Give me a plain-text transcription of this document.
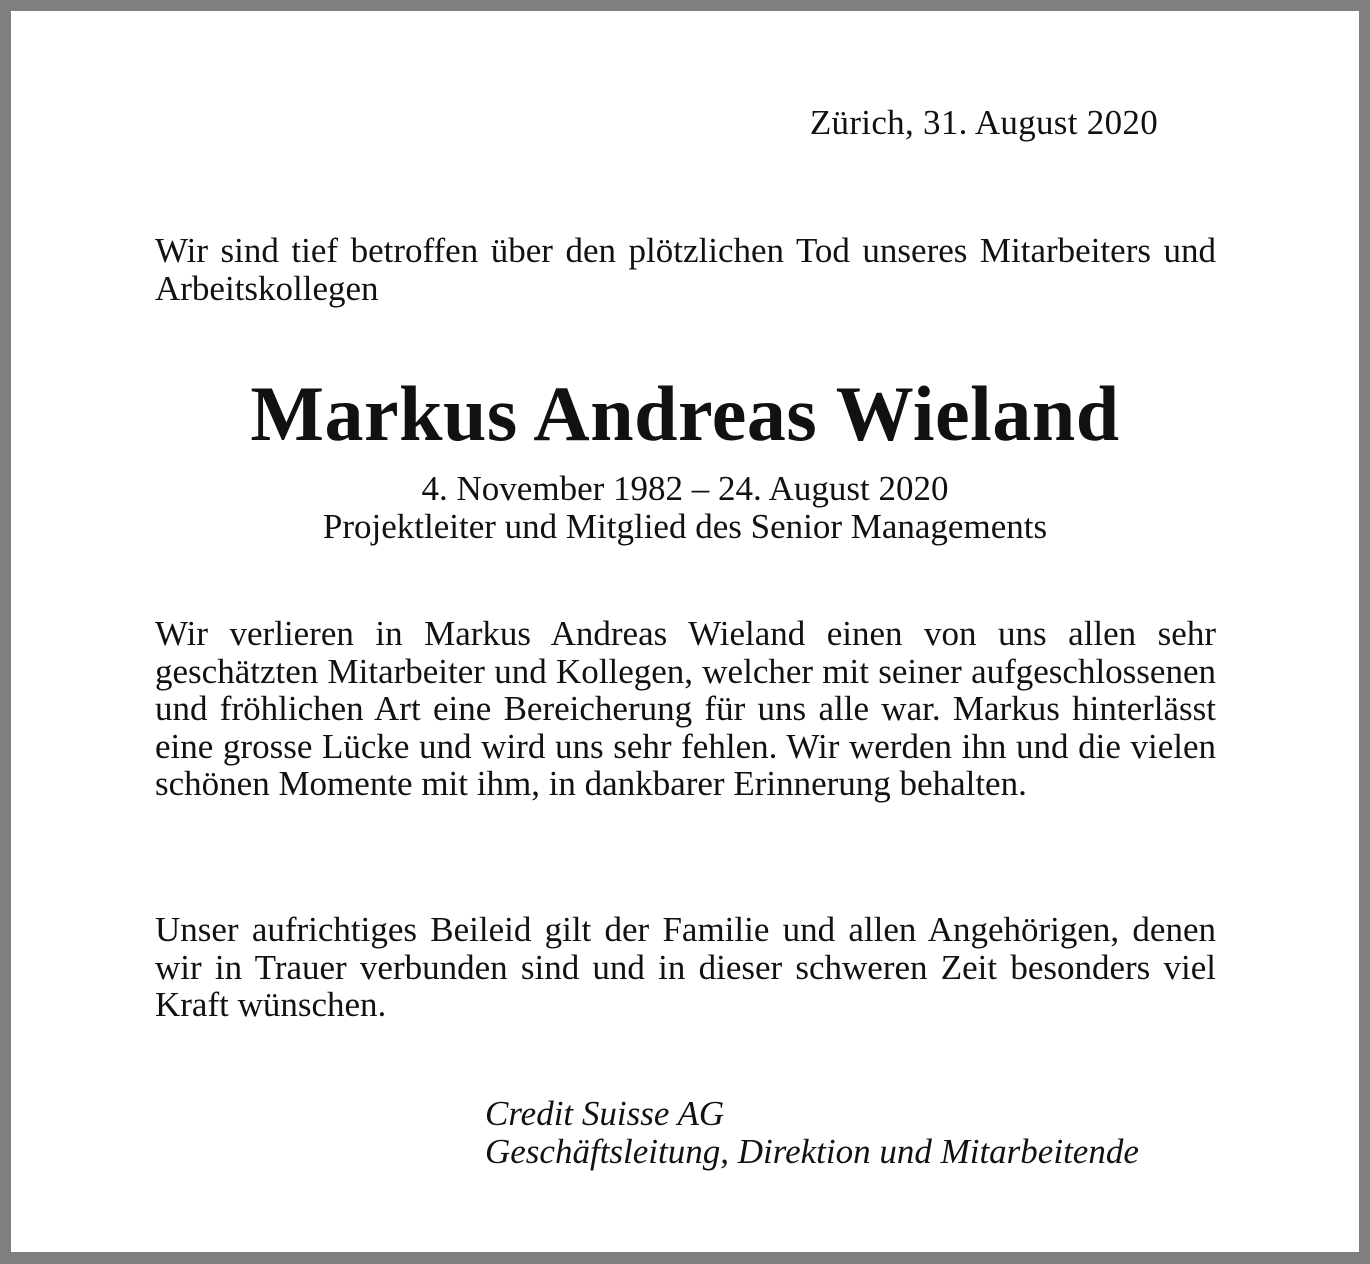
Zürich, 31. August 2020
Wir sind tief betroffen über den plötzlichen Tod unseres Mitarbeiters und Arbeitskollegen
Markus Andreas Wieland
4. November 1982 – 24. August 2020
Projektleiter und Mitglied des Senior Managements
Wir verlieren in Markus Andreas Wieland einen von uns allen sehr geschätzten Mitarbeiter und Kollegen, welcher mit seiner aufgeschlossenen und fröhlichen Art eine Bereicherung für uns alle war. Markus hinterlässt eine grosse Lücke und wird uns sehr fehlen. Wir werden ihn und die vielen schönen Momente mit ihm, in dankbarer Erinnerung behalten.
Unser aufrichtiges Beileid gilt der Familie und allen Angehörigen, denen wir in Trauer verbunden sind und in dieser schweren Zeit besonders viel Kraft wünschen.
Credit Suisse AG
Geschäftsleitung, Direktion und Mitarbeitende
